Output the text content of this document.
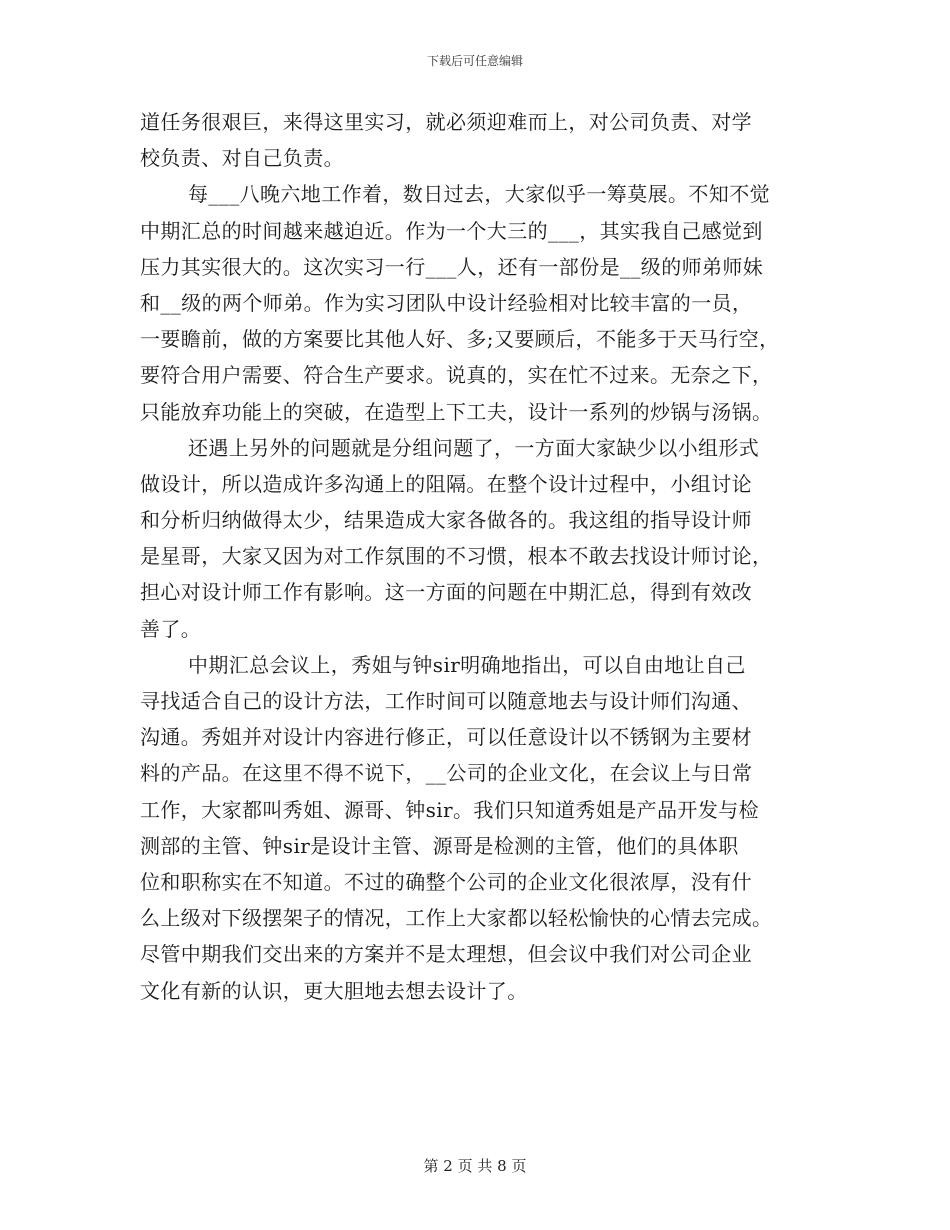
下载后可任意编辑
道任务很艰巨，来得这里实习，就必须迎难而上，对公司负责、对学
校负责、对自己负责。
每___八晚六地工作着，数日过去，大家似乎一筹莫展。不知不觉
中期汇总的时间越来越迫近。作为一个大三的___，其实我自己感觉到
压力其实很大的。这次实习一行___人，还有一部份是__级的师弟师妹
和__级的两个师弟。作为实习团队中设计经验相对比较丰富的一员，
一要瞻前，做的方案要比其他人好、多;又要顾后，不能多于天马行空，
要符合用户需要、符合生产要求。说真的，实在忙不过来。无奈之下，
只能放弃功能上的突破，在造型上下工夫，设计一系列的炒锅与汤锅。
还遇上另外的问题就是分组问题了，一方面大家缺少以小组形式
做设计，所以造成许多沟通上的阻隔。在整个设计过程中，小组讨论
和分析归纳做得太少，结果造成大家各做各的。我这组的指导设计师
是星哥，大家又因为对工作氛围的不习惯，根本不敢去找设计师讨论，
担心对设计师工作有影响。这一方面的问题在中期汇总，得到有效改
善了。
中期汇总会议上，秀姐与钟sir明确地指出，可以自由地让自己
寻找适合自己的设计方法，工作时间可以随意地去与设计师们沟通、
沟通。秀姐并对设计内容进行修正，可以任意设计以不锈钢为主要材
料的产品。在这里不得不说下，__公司的企业文化，在会议上与日常
工作，大家都叫秀姐、源哥、钟sir。我们只知道秀姐是产品开发与检
测部的主管、钟sir是设计主管、源哥是检测的主管，他们的具体职
位和职称实在不知道。不过的确整个公司的企业文化很浓厚，没有什
么上级对下级摆架子的情况，工作上大家都以轻松愉快的心情去完成。
尽管中期我们交出来的方案并不是太理想，但会议中我们对公司企业
文化有新的认识，更大胆地去想去设计了。
第 2 页 共 8 页
